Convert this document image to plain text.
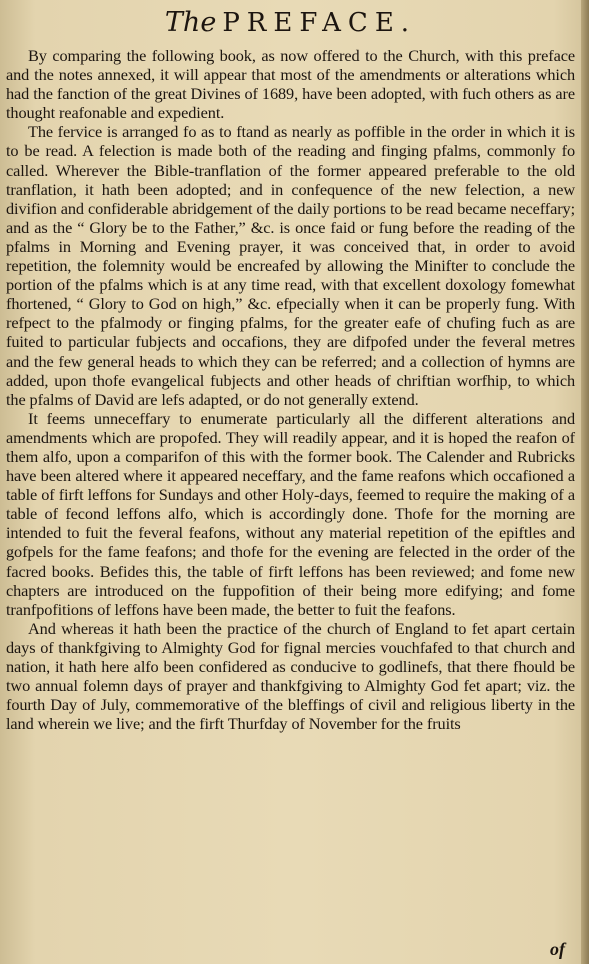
The PREFACE.

By comparing the following book, as now offered to the Church, with this preface and the notes annexed, it will appear that most of the amendments or alterations which had the fanction of the great Divines of 1689, have been adopted, with fuch others as are thought reafonable and expedient.

The fervice is arranged fo as to ftand as nearly as poffible in the order in which it is to be read. A felection is made both of the reading and finging pfalms, commonly fo called. Wherever the Bible-tranflation of the former appeared preferable to the old tranflation, it hath been adopted; and in confequence of the new felection, a new divifion and confiderable abridgement of the daily portions to be read became neceffary; and as the “ Glory be to the Father,” &c. is once faid or fung before the reading of the pfalms in Morning and Evening prayer, it was conceived that, in order to avoid repetition, the folemnity would be encreafed by allowing the Minifter to conclude the portion of the pfalms which is at any time read, with that excellent doxology fomewhat fhortened, “ Glory to God on high,” &c. efpecially when it can be properly fung. With refpect to the pfalmody or finging pfalms, for the greater eafe of chufing fuch as are fuited to particular fubjects and occafions, they are difpofed under the feveral metres and the few general heads to which they can be referred; and a collection of hymns are added, upon thofe evangelical fubjects and other heads of chriftian worfhip, to which the pfalms of David are lefs adapted, or do not generally extend.

It feems unneceffary to enumerate particularly all the different alterations and amendments which are propofed. They will readily appear, and it is hoped the reafon of them alfo, upon a comparifon of this with the former book. The Calender and Rubricks have been altered where it appeared neceffary, and the fame reafons which occafioned a table of firft leffons for Sundays and other Holy-days, feemed to require the making of a table of fecond leffons alfo, which is accordingly done. Thofe for the morning are intended to fuit the feveral feafons, without any material repetition of the epiftles and gofpels for the fame feafons; and thofe for the evening are felected in the order of the facred books. Befides this, the table of firft leffons has been reviewed; and fome new chapters are introduced on the fuppofition of their being more edifying; and fome tranfpofitions of leffons have been made, the better to fuit the feafons.

And whereas it hath been the practice of the church of England to fet apart certain days of thankfgiving to Almighty God for fignal mercies vouchfafed to that church and nation, it hath here alfo been confidered as conducive to godlinefs, that there fhould be two annual folemn days of prayer and thankfgiving to Almighty God fet apart; viz. the fourth Day of July, commemorative of the bleffings of civil and religious liberty in the land wherein we live; and the firft Thurfday of November for the fruits

of
